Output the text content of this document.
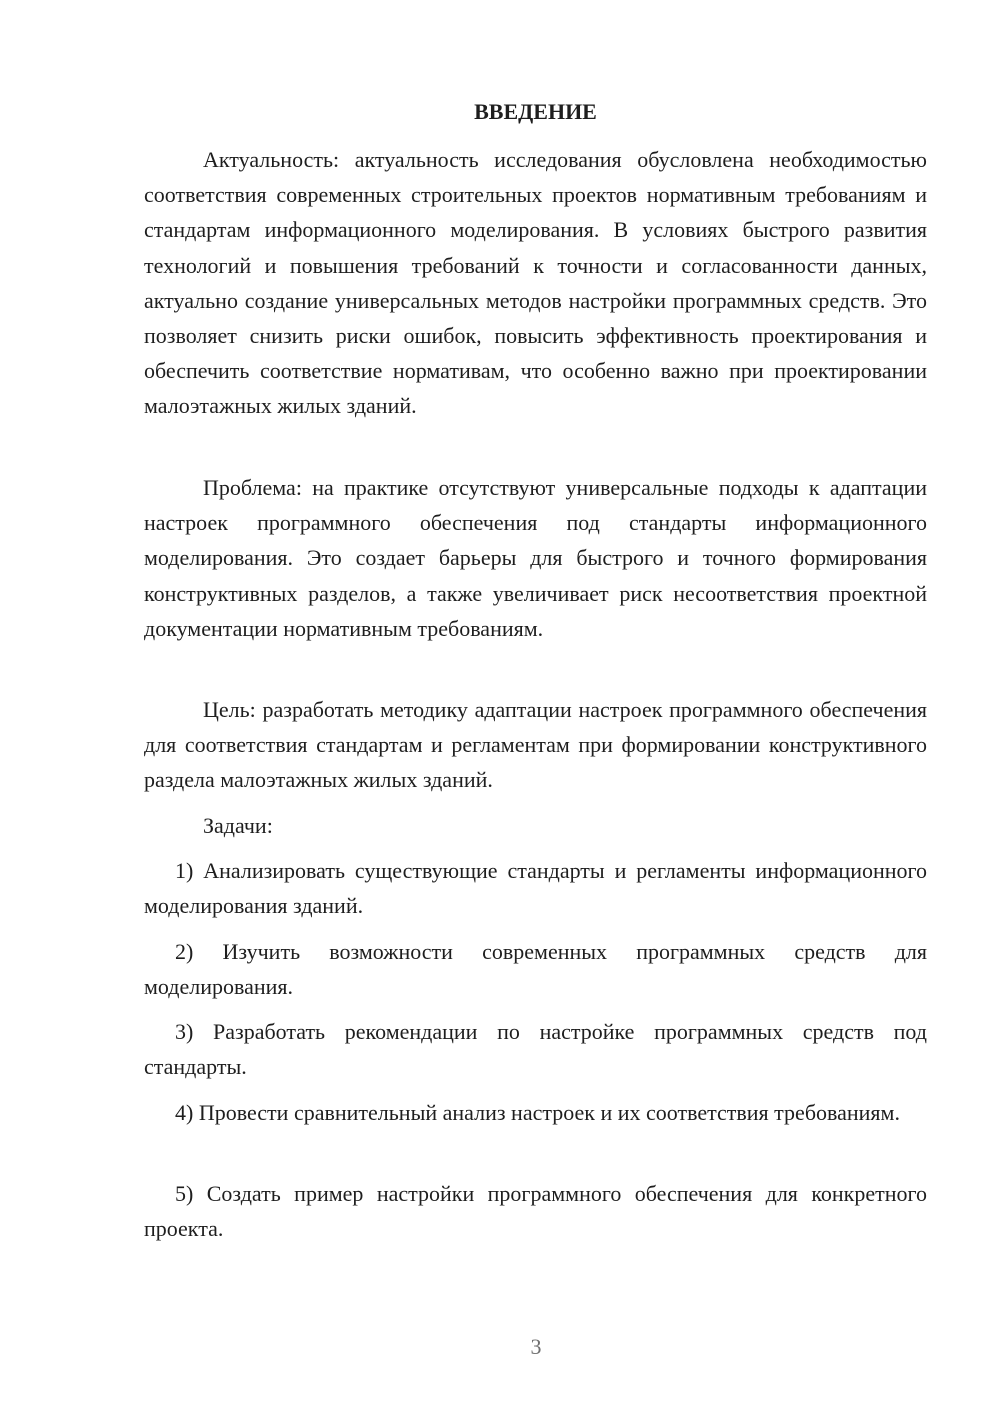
ВВЕДЕНИЕ

Актуальность: актуальность исследования обусловлена необходимостью соответствия современных строительных проектов нормативным требованиям и стандартам информационного моделирования. В условиях быстрого развития технологий и повышения требований к точности и согласованности данных, актуально создание универсальных методов настройки программных средств. Это позволяет снизить риски ошибок, повысить эффективность проектирования и обеспечить соответствие нормативам, что особенно важно при проектировании малоэтажных жилых зданий.

Проблема: на практике отсутствуют универсальные подходы к адаптации настроек программного обеспечения под стандарты информационного моделирования. Это создает барьеры для быстрого и точного формирования конструктивных разделов, а также увеличивает риск несоответствия проектной документации нормативным требованиям.

Цель: разработать методику адаптации настроек программного обеспечения для соответствия стандартам и регламентам при формировании конструктивного раздела малоэтажных жилых зданий.

Задачи:

1) Анализировать существующие стандарты и регламенты информационного моделирования зданий.

2) Изучить возможности современных программных средств для моделирования.

3) Разработать рекомендации по настройке программных средств под стандарты.

4) Провести сравнительный анализ настроек и их соответствия требованиям.

5) Создать пример настройки программного обеспечения для конкретного проекта.

3
